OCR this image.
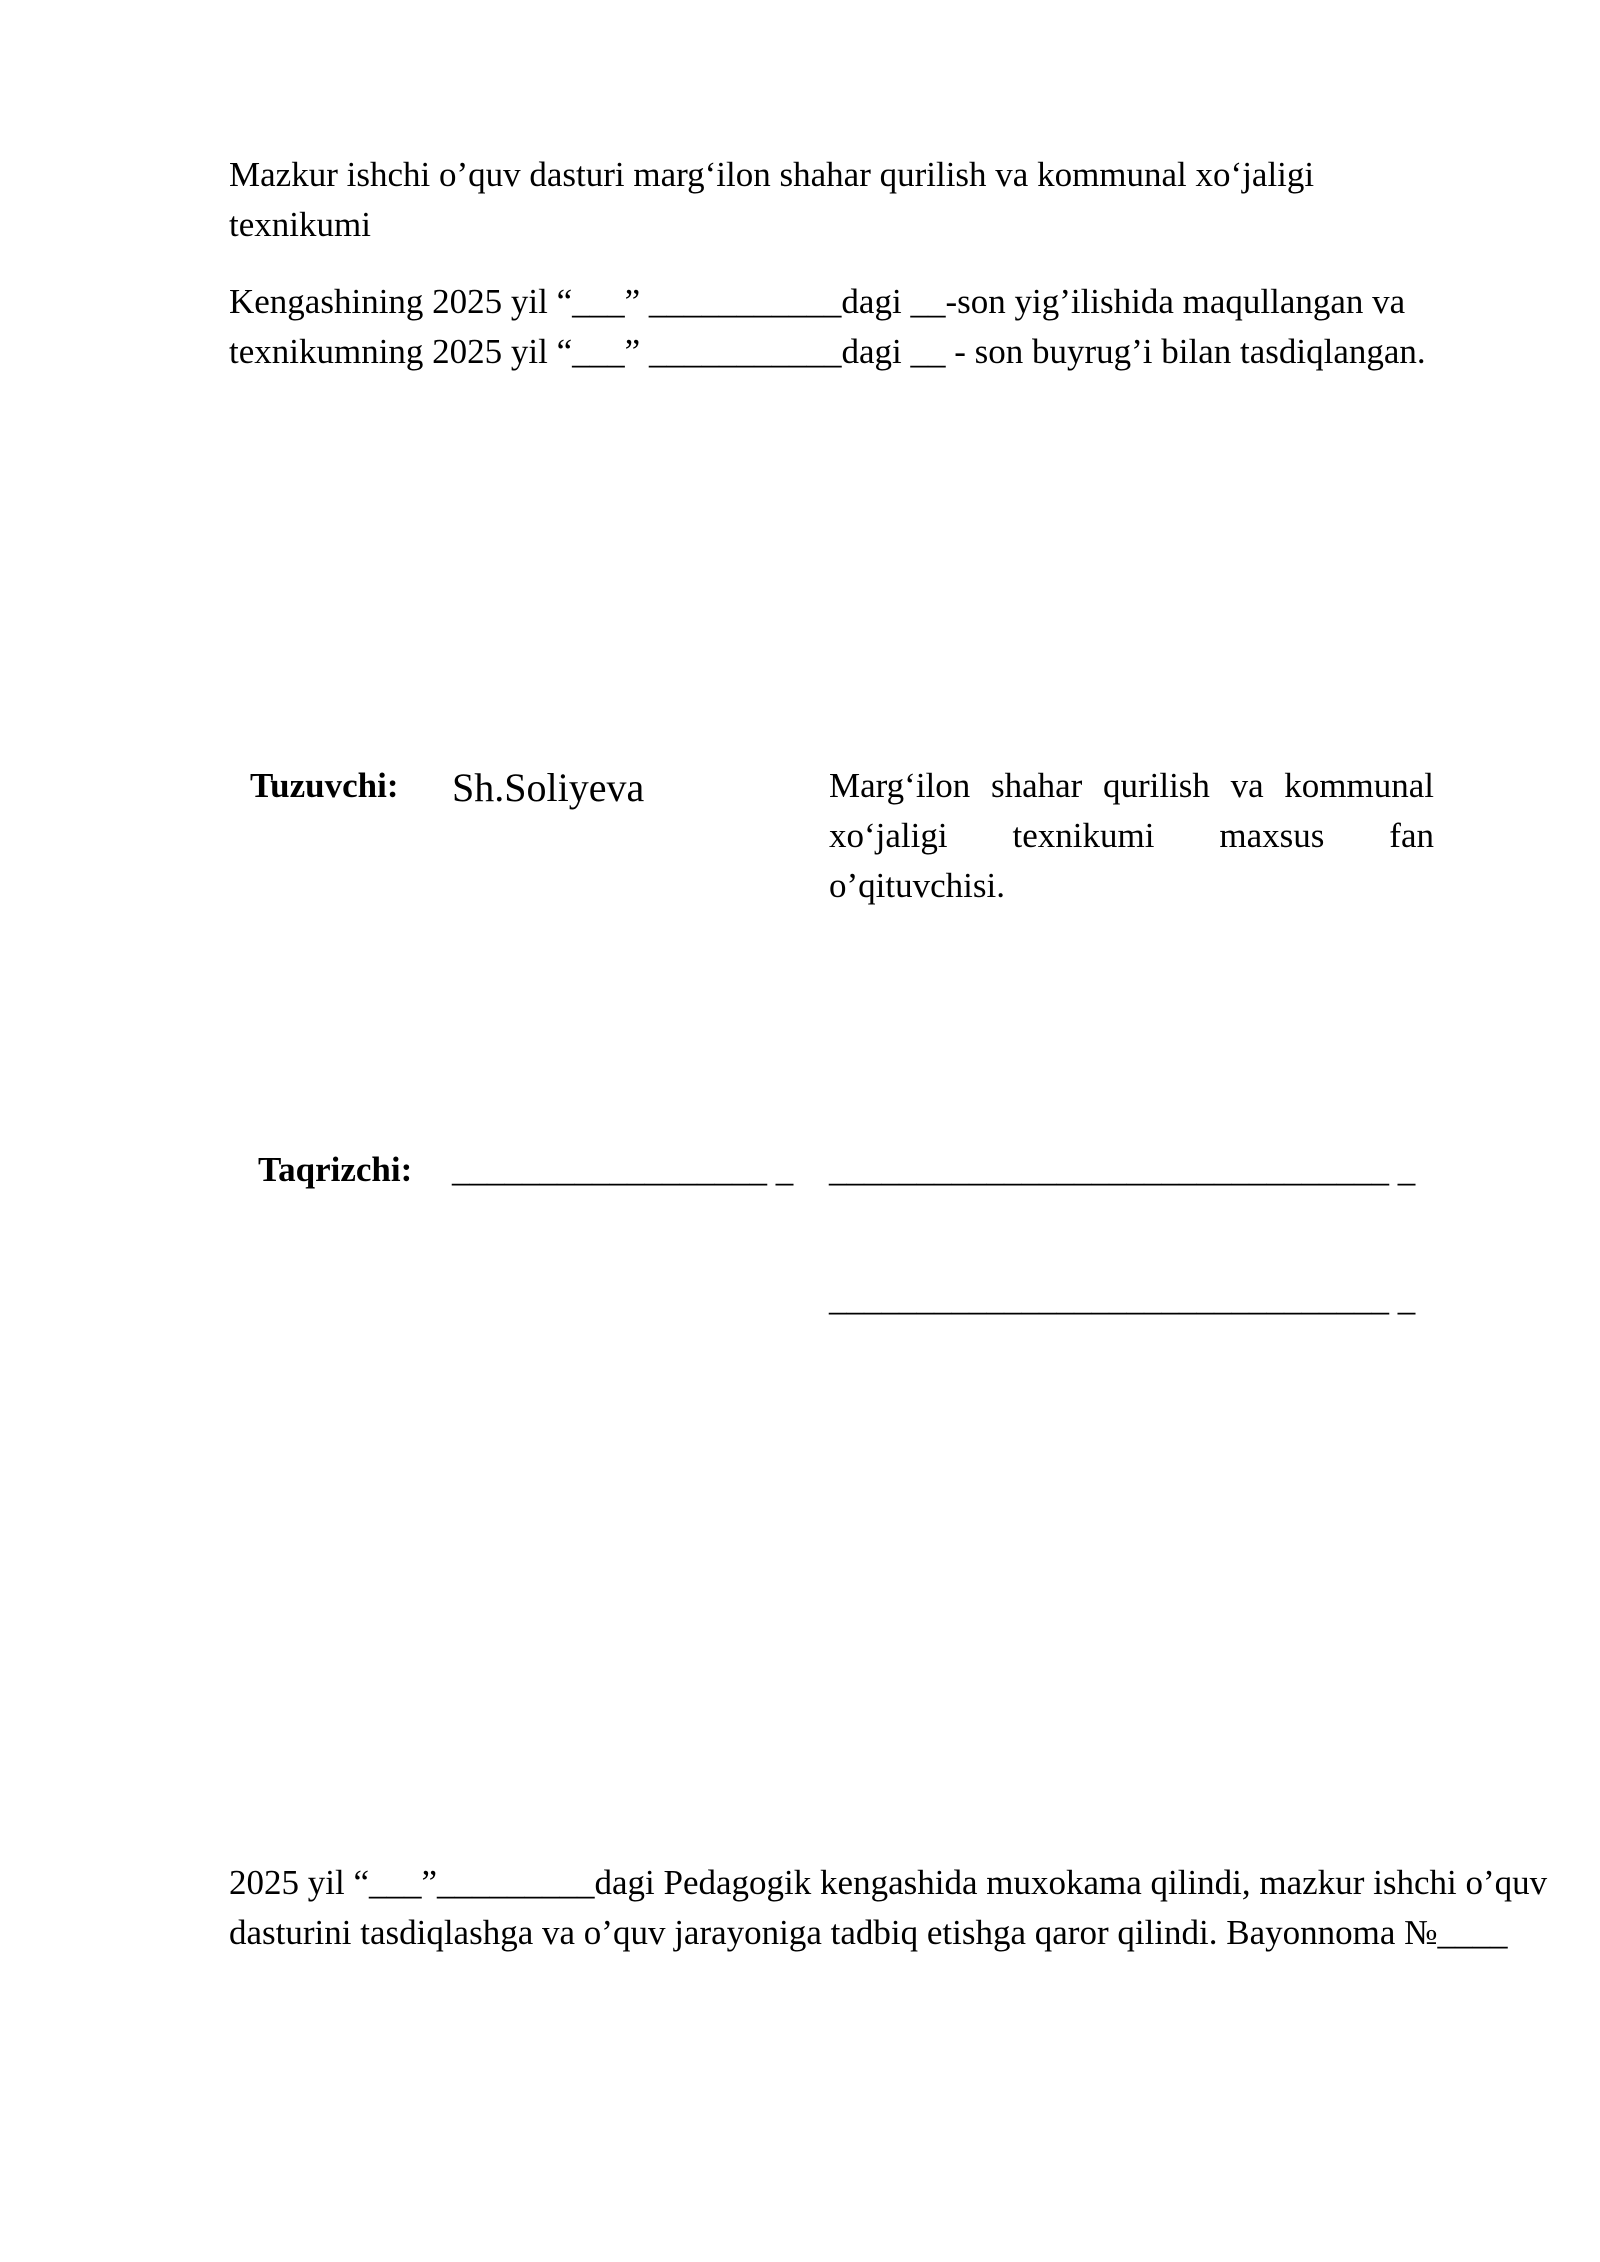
Mazkur ishchi o’quv dasturi marg‘ilon shahar qurilish va kommunal xo‘jaligi texnikumi

Kengashining 2025 yil “___” ___________dagi __-son yig’ilishida maqullangan va texnikumning 2025 yil “___” ___________dagi __ - son buyrug’i bilan tasdiqlangan.

Tuzuvchi: Sh.Soliyeva	Marg‘ilon shahar qurilish va kommunal xo‘jaligi texnikumi maxsus fan o’qituvchisi.
Taqrizchi:	__________________ _ ________________________________ _
________________________________ _

2025 yil “___”_________dagi Pedagogik kengashida muxokama qilindi, mazkur ishchi o’quv dasturini tasdiqlashga va o’quv jarayoniga tadbiq etishga qaror qilindi. Bayonnoma №____
